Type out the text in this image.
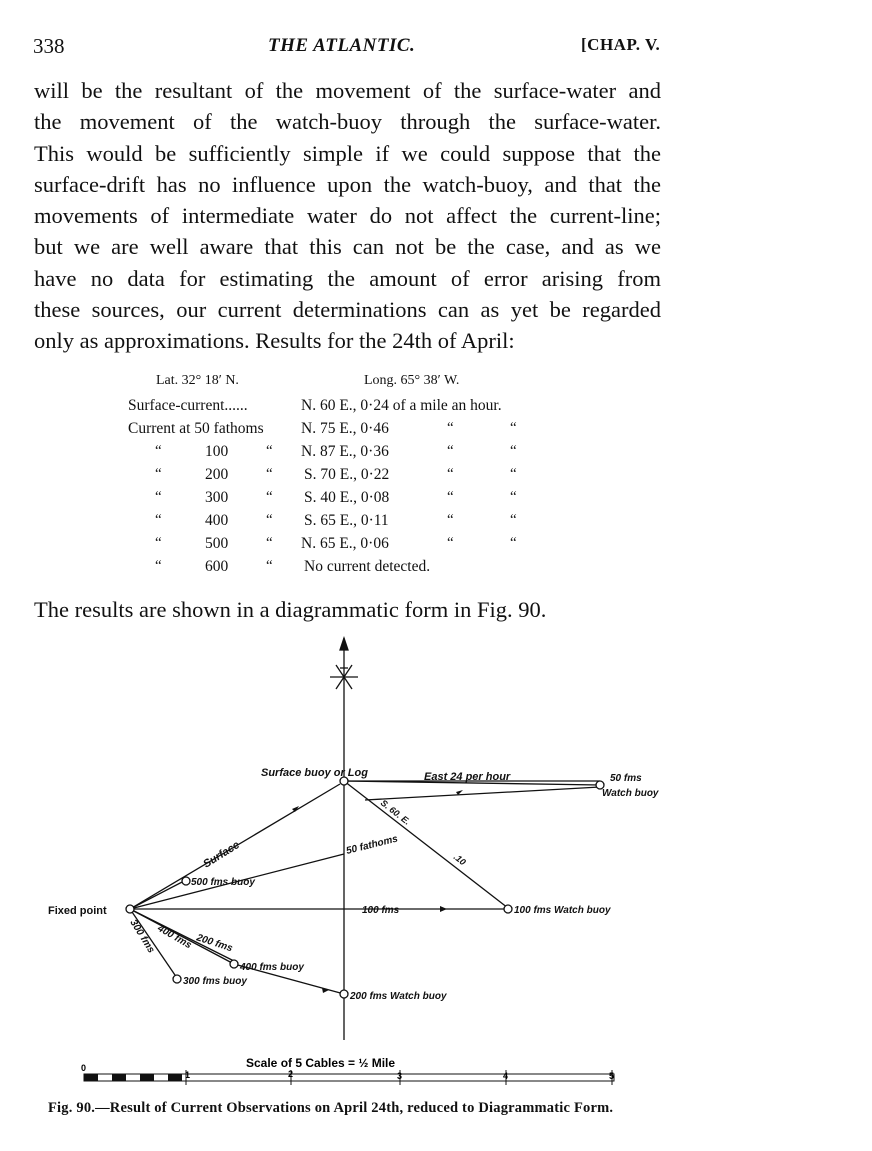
338	THE ATLANTIC.	[CHAP. V.
will be the resultant of the movement of the surface-water and
the movement of the watch-buoy through the surface-water.
This would be sufficiently simple if we could suppose that the
surface-drift has no influence upon the watch-buoy, and that the
movements of intermediate water do not affect the current-line;
but we are well aware that this can not be the case, and as we
have no data for estimating the amount of error arising from
these sources, our current determinations can as yet be regarded
only as approximations. Results for the 24th of April:
Lat. 32° 18′ N.	Long. 65° 38′ W.
Surface-current......	N. 60 E., 0·24 of a mile an hour.
Current at 50 fathoms N. 75 E., 0·46	“	“
“	100	“ N. 87 E., 0·36	“	“
“	200	“ S. 70 E., 0·22	“	“
“	300	“ S. 40 E., 0·08	“	“
“	400	“ S. 65 E., 0·11	“	“
“	500	“ N. 65 E., 0·06	“	“
“	600	“ No current detected.
The results are shown in a diagrammatic form in Fig. 90.
Surface buoy or Log	East 24 per hour	50 fms
Watch buoy
S. 60. E.
.10
50 fathoms
Surface
500 fms buoy
Fixed point	100 fms	100 fms Watch buoy
200 fms
400 fms
300 fms
400 fms buoy
300 fms buoy
200 fms Watch buoy
Scale of 5 Cables = ½ Mile
0
1	2	3	4	5
Fig. 90.—Result of Current Observations on April 24th, reduced to Diagrammatic Form.
